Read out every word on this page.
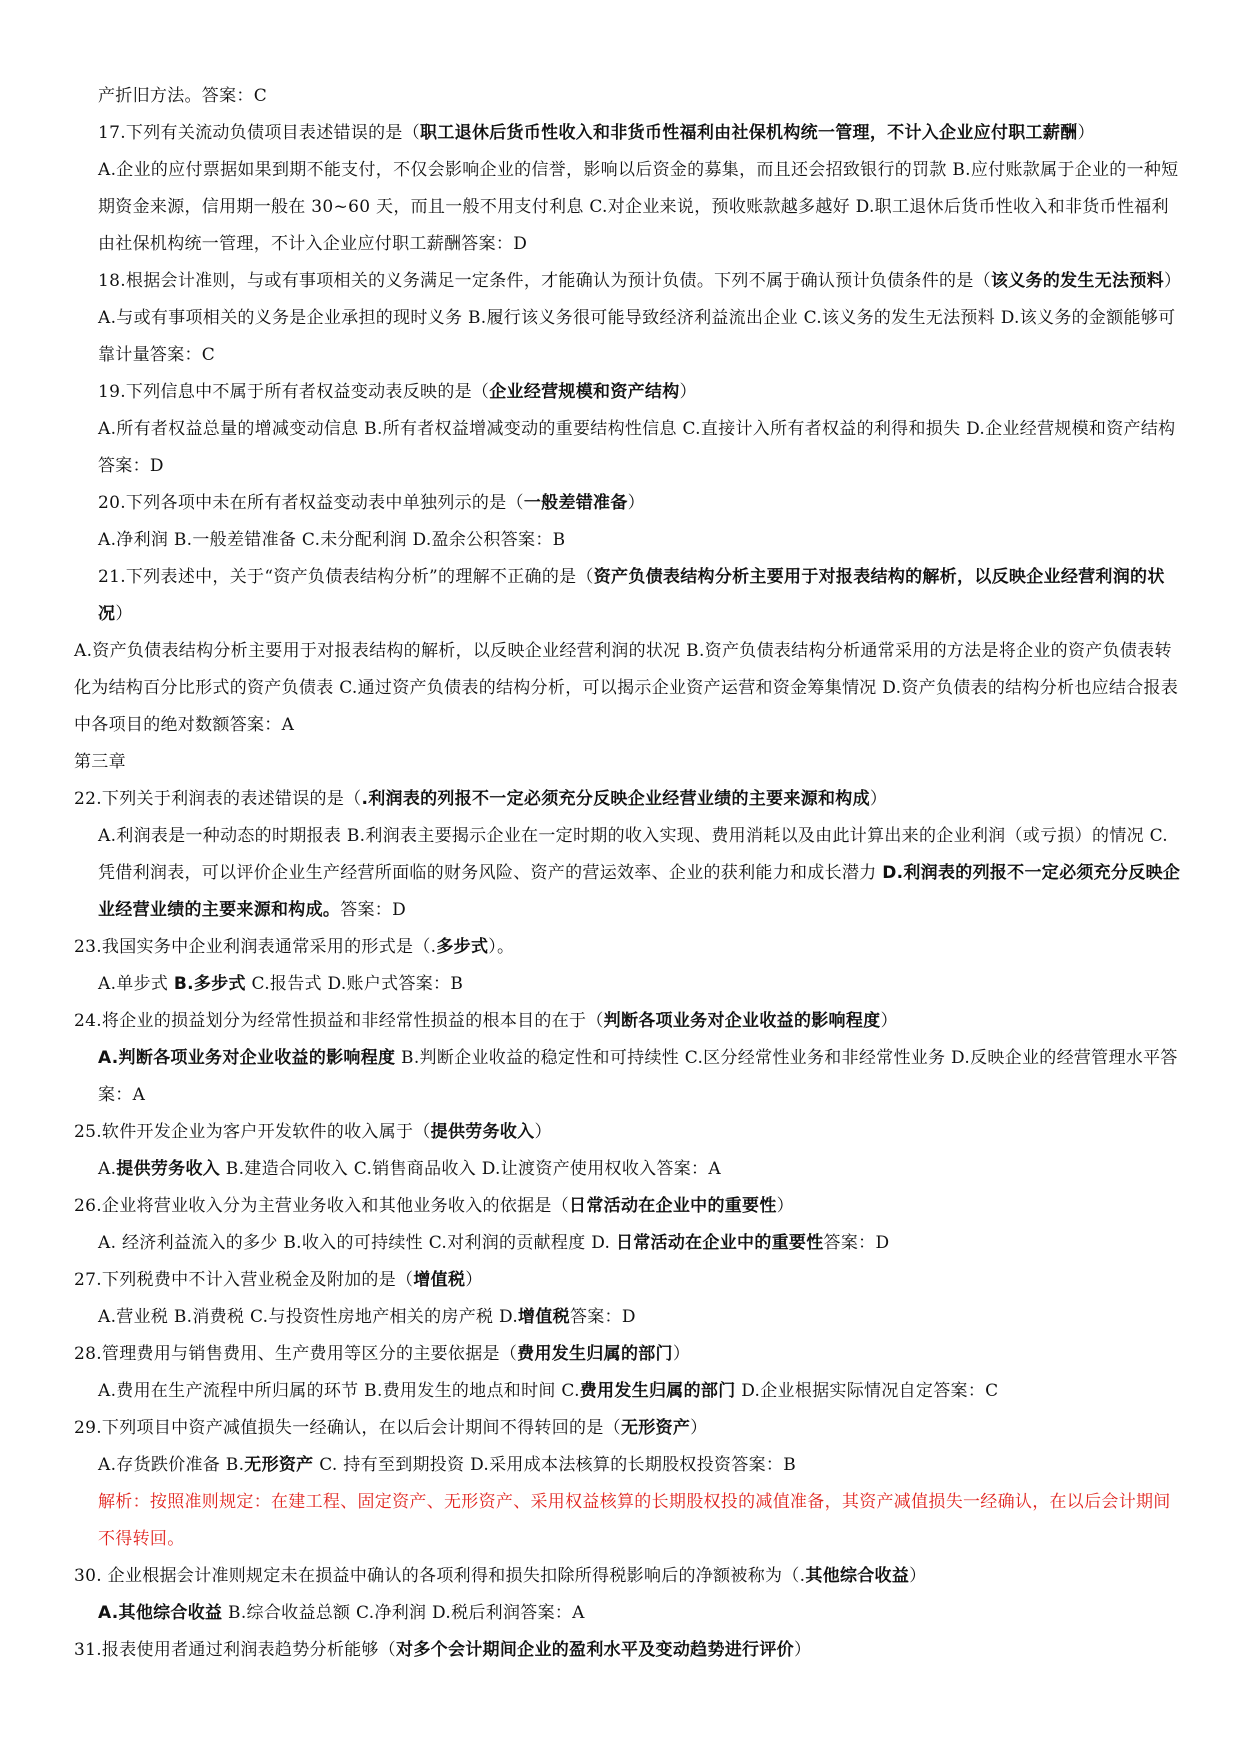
产折旧方法。答案：C

17.下列有关流动负债项目表述错误的是（职工退休后货币性收入和非货币性福利由社保机构统一管理，不计入企业应付职工薪酬）

A.企业的应付票据如果到期不能支付，不仅会影响企业的信誉，影响以后资金的募集，而且还会招致银行的罚款 B.应付账款属于企业的一种短期资金来源，信用期一般在 30~60 天，而且一般不用支付利息 C.对企业来说，预收账款越多越好 D.职工退休后货币性收入和非货币性福利由社保机构统一管理，不计入企业应付职工薪酬答案：D

18.根据会计准则，与或有事项相关的义务满足一定条件，才能确认为预计负债。下列不属于确认预计负债条件的是（该义务的发生无法预料）A.与或有事项相关的义务是企业承担的现时义务 B.履行该义务很可能导致经济利益流出企业 C.该义务的发生无法预料 D.该义务的金额能够可靠计量答案：C

19.下列信息中不属于所有者权益变动表反映的是（企业经营规模和资产结构）

A.所有者权益总量的增减变动信息 B.所有者权益增减变动的重要结构性信息 C.直接计入所有者权益的利得和损失 D.企业经营规模和资产结构答案：D

20.下列各项中未在所有者权益变动表中单独列示的是（一般差错准备）

A.净利润 B.一般差错准备 C.未分配利润 D.盈余公积答案：B

21.下列表述中，关于“资产负债表结构分析”的理解不正确的是（资产负债表结构分析主要用于对报表结构的解析，以反映企业经营利润的状况）

A.资产负债表结构分析主要用于对报表结构的解析，以反映企业经营利润的状况 B.资产负债表结构分析通常采用的方法是将企业的资产负债表转化为结构百分比形式的资产负债表 C.通过资产负债表的结构分析，可以揭示企业资产运营和资金筹集情况 D.资产负债表的结构分析也应结合报表中各项目的绝对数额答案：A

第三章

22.下列关于利润表的表述错误的是（.利润表的列报不一定必须充分反映企业经营业绩的主要来源和构成）

A.利润表是一种动态的时期报表 B.利润表主要揭示企业在一定时期的收入实现、费用消耗以及由此计算出来的企业利润（或亏损）的情况 C.凭借利润表，可以评价企业生产经营所面临的财务风险、资产的营运效率、企业的获利能力和成长潜力 D.利润表的列报不一定必须充分反映企业经营业绩的主要来源和构成。答案：D

23.我国实务中企业利润表通常采用的形式是（.多步式）。

A.单步式 B.多步式 C.报告式 D.账户式答案：B

24.将企业的损益划分为经常性损益和非经常性损益的根本目的在于（判断各项业务对企业收益的影响程度）

A.判断各项业务对企业收益的影响程度 B.判断企业收益的稳定性和可持续性 C.区分经常性业务和非经常性业务 D.反映企业的经营管理水平答案：A

25.软件开发企业为客户开发软件的收入属于（提供劳务收入）

A.提供劳务收入 B.建造合同收入 C.销售商品收入 D.让渡资产使用权收入答案：A

26.企业将营业收入分为主营业务收入和其他业务收入的依据是（日常活动在企业中的重要性）

A. 经济利益流入的多少 B.收入的可持续性 C.对利润的贡献程度 D. 日常活动在企业中的重要性答案：D

27.下列税费中不计入营业税金及附加的是（增值税）

A.营业税 B.消费税 C.与投资性房地产相关的房产税 D.增值税答案：D

28.管理费用与销售费用、生产费用等区分的主要依据是（费用发生归属的部门）

A.费用在生产流程中所归属的环节 B.费用发生的地点和时间 C.费用发生归属的部门 D.企业根据实际情况自定答案：C

29.下列项目中资产减值损失一经确认，在以后会计期间不得转回的是（无形资产）

A.存货跌价准备 B.无形资产 C. 持有至到期投资 D.采用成本法核算的长期股权投资答案：B

解析：按照准则规定：在建工程、固定资产、无形资产、采用权益核算的长期股权投的减值准备，其资产减值损失一经确认，在以后会计期间不得转回。

30. 企业根据会计准则规定未在损益中确认的各项利得和损失扣除所得税影响后的净额被称为（.其他综合收益）

A.其他综合收益 B.综合收益总额 C.净利润 D.税后利润答案：A

31.报表使用者通过利润表趋势分析能够（对多个会计期间企业的盈利水平及变动趋势进行评价）
